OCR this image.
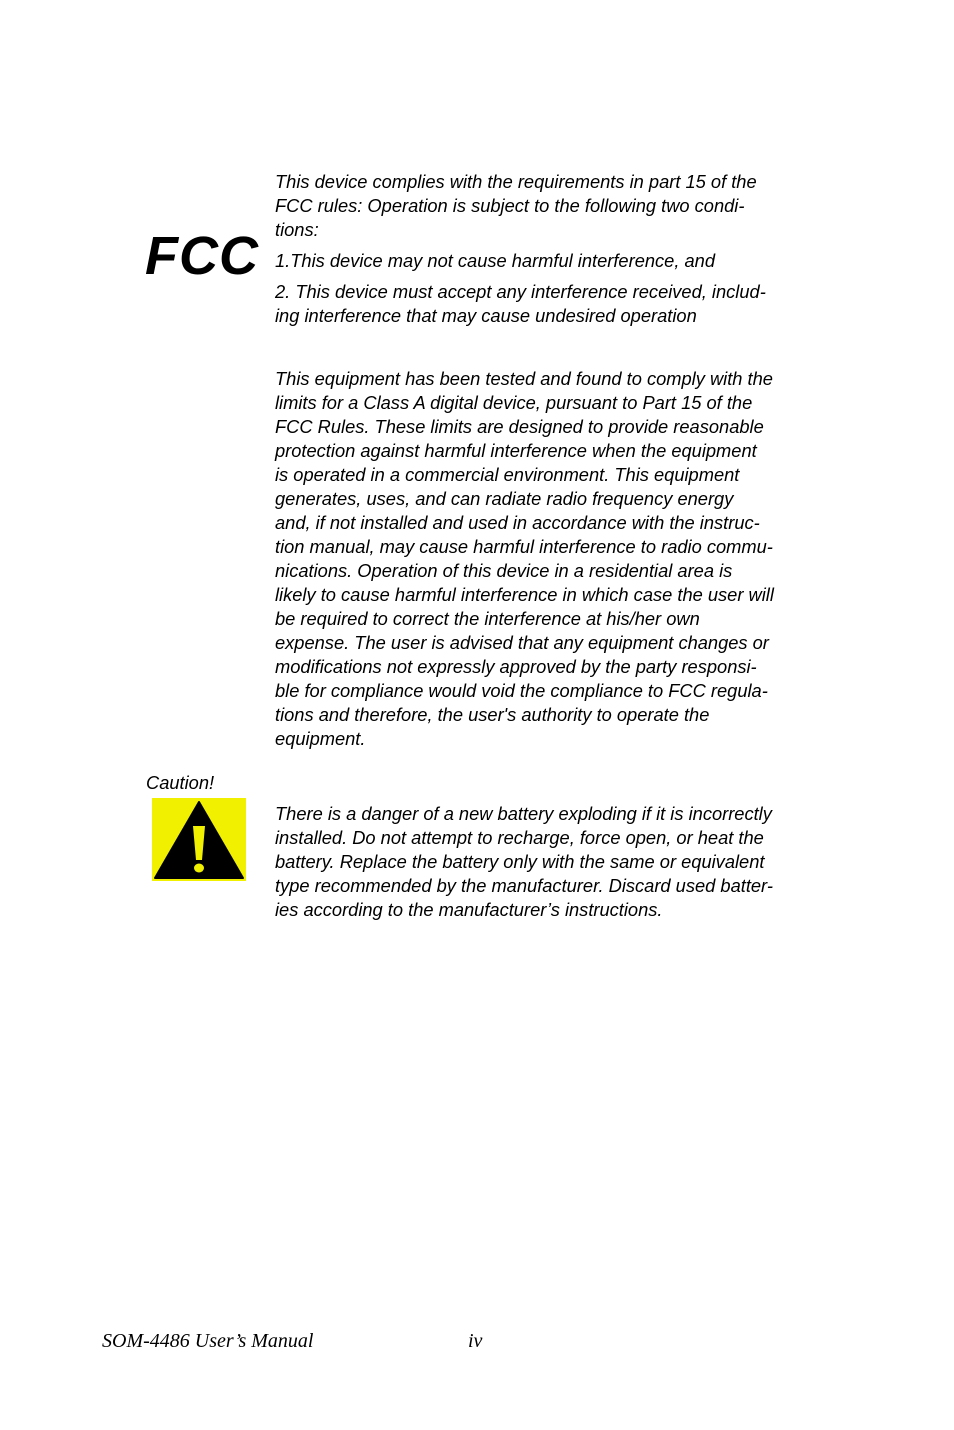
FCC
This device complies with the requirements in part 15 of the
FCC rules: Operation is subject to the following two condi-
tions:
1.This device may not cause harmful interference, and
2. This device must accept any interference received, includ-
ing interference that may cause undesired operation
This equipment has been tested and found to comply with the
limits for a Class A digital device, pursuant to Part 15 of the
FCC Rules. These limits are designed to provide reasonable
protection against harmful interference when the equipment
is operated in a commercial environment. This equipment
generates, uses, and can radiate radio frequency energy
and, if not installed and used in accordance with the instruc-
tion manual, may cause harmful interference to radio commu-
nications. Operation of this device in a residential area is
likely to cause harmful interference in which case the user will
be required to correct the interference at his/her own
expense. The user is advised that any equipment changes or
modifications not expressly approved by the party responsi-
ble for compliance would void the compliance to FCC regula-
tions and therefore, the user's authority to operate the
equipment.
Caution!
There is a danger of a new battery exploding if it is incorrectly
installed. Do not attempt to recharge, force open, or heat the
battery. Replace the battery only with the same or equivalent
type recommended by the manufacturer. Discard used batter-
ies according to the manufacturer’s instructions.
SOM-4486 User’s Manual	iv
